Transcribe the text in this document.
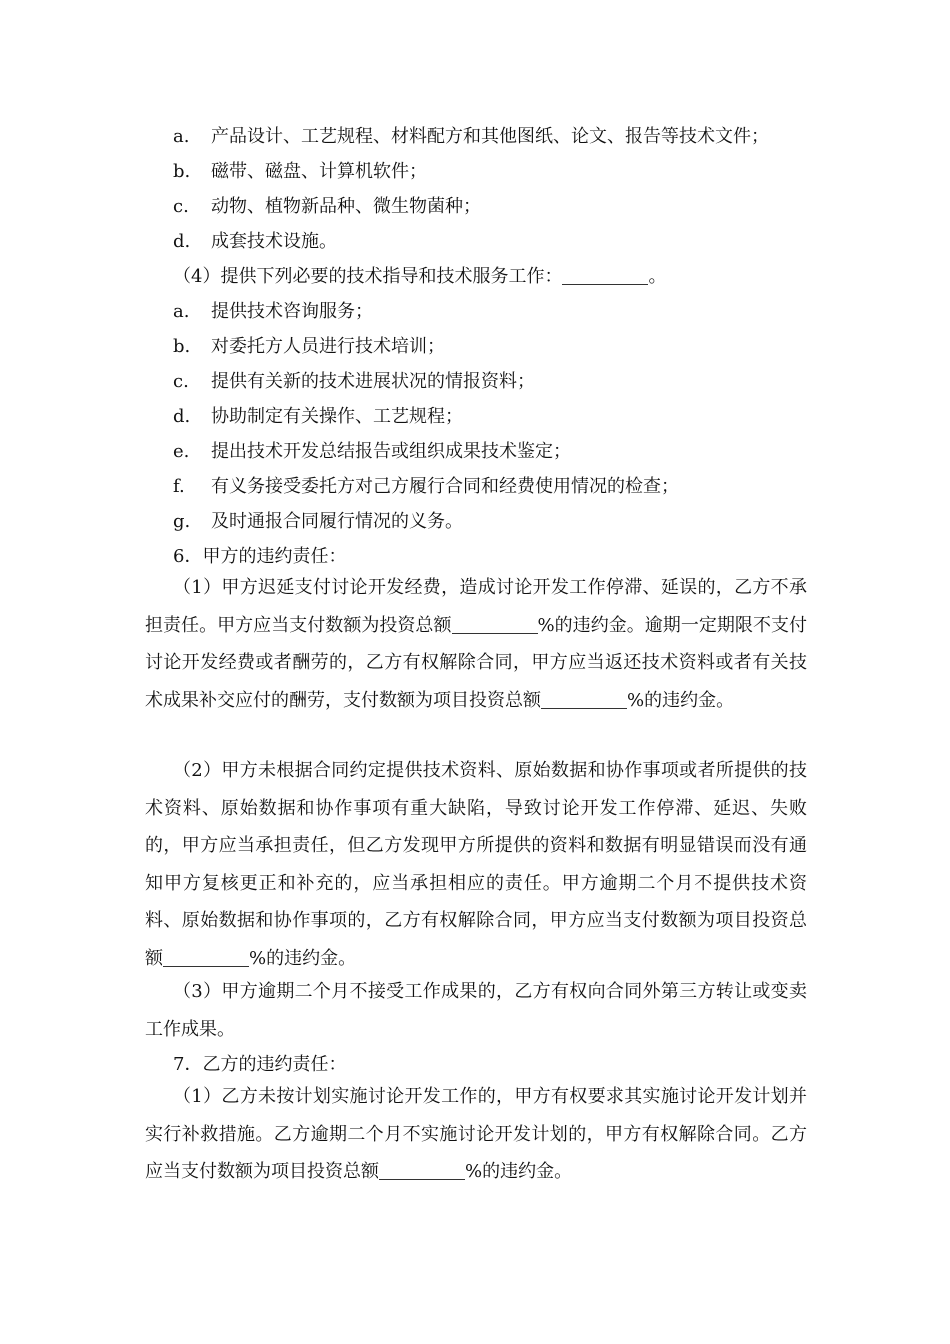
a. 产品设计、工艺规程、材料配方和其他图纸、论文、报告等技术文件；
b. 磁带、磁盘、计算机软件；
c. 动物、植物新品种、微生物菌种；
d. 成套技术设施。
（4）提供下列必要的技术指导和技术服务工作：	。
a. 提供技术咨询服务；
b. 对委托方人员进行技术培训；
c. 提供有关新的技术进展状况的情报资料；
d. 协助制定有关操作、工艺规程；
e. 提出技术开发总结报告或组织成果技术鉴定；
f. 有义务接受委托方对己方履行合同和经费使用情况的检查；
g. 及时通报合同履行情况的义务。
6．甲方的违约责任：
（1）甲方迟延支付讨论开发经费，造成讨论开发工作停滞、延误的，乙方不承担责任。甲方应当支付数额为投资总额	%的违约金。逾期一定期限不支付讨论开发经费或者酬劳的，乙方有权解除合同，甲方应当返还技术资料或者有关技术成果补交应付的酬劳，支付数额为项目投资总额	%的违约金。
（2）甲方未根据合同约定提供技术资料、原始数据和协作事项或者所提供的技术资料、原始数据和协作事项有重大缺陷，导致讨论开发工作停滞、延迟、失败的，甲方应当承担责任，但乙方发现甲方所提供的资料和数据有明显错误而没有通知甲方复核更正和补充的，应当承担相应的责任。甲方逾期二个月不提供技术资料、原始数据和协作事项的，乙方有权解除合同，甲方应当支付数额为项目投资总额	%的违约金。
（3）甲方逾期二个月不接受工作成果的，乙方有权向合同外第三方转让或变卖工作成果。
7．乙方的违约责任：
（1）乙方未按计划实施讨论开发工作的，甲方有权要求其实施讨论开发计划并实行补救措施。乙方逾期二个月不实施讨论开发计划的，甲方有权解除合同。乙方应当支付数额为项目投资总额	%的违约金。
